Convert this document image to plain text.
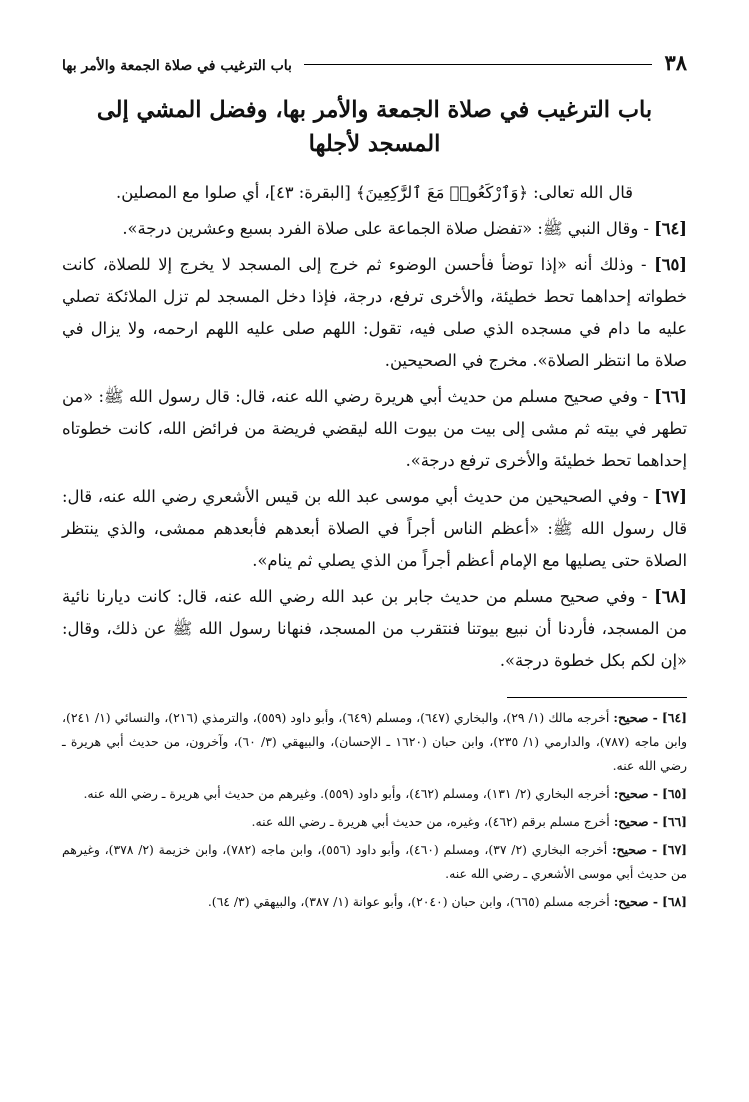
٣٨
باب الترغيب في صلاة الجمعة والأمر بها
باب الترغيب في صلاة الجمعة والأمر بها، وفضل المشي إلى المسجد لأجلها

قال الله تعالى: ﴿وَٱرْكَعُوا۟ مَعَ ٱلرَّٰكِعِينَ﴾ [البقرة: ٤٣]، أي صلوا مع المصلين.

[٦٤] - وقال النبي ﷺ: «تفضل صلاة الجماعة على صلاة الفرد بسبع وعشرين درجة».

[٦٥] - وذلك أنه «إذا توضأ فأحسن الوضوء ثم خرج إلى المسجد لا يخرج إلا للصلاة، كانت خطواته إحداهما تحط خطيئة، والأخرى ترفع، درجة، فإذا دخل المسجد لم تزل الملائكة تصلي عليه ما دام في مسجده الذي صلى فيه، تقول: اللهم صلى عليه اللهم ارحمه، ولا يزال في صلاة ما انتظر الصلاة». مخرج في الصحيحين.

[٦٦] - وفي صحيح مسلم من حديث أبي هريرة رضي الله عنه، قال: قال رسول الله ﷺ: «من تطهر في بيته ثم مشى إلى بيت من بيوت الله ليقضي فريضة من فرائض الله، كانت خطوتاه إحداهما تحط خطيئة والأخرى ترفع درجة».

[٦٧] - وفي الصحيحين من حديث أبي موسى عبد الله بن قيس الأشعري رضي الله عنه، قال: قال رسول الله ﷺ: «أعظم الناس أجراً في الصلاة أبعدهم فأبعدهم ممشى، والذي ينتظر الصلاة حتى يصليها مع الإمام أعظم أجراً من الذي يصلي ثم ينام».

[٦٨] - وفي صحيح مسلم من حديث جابر بن عبد الله رضي الله عنه، قال: كانت ديارنا نائية من المسجد، فأردنا أن نبيع بيوتنا فنتقرب من المسجد، فنهانا رسول الله ﷺ عن ذلك، وقال: «إن لكم بكل خطوة درجة».

[٦٤] - صحيح: أخرجه مالك (١/ ٢٩)، والبخاري (٦٤٧)، ومسلم (٦٤٩)، وأبو داود (٥٥٩)، والترمذي (٢١٦)، والنسائي (١/ ٢٤١)، وابن ماجه (٧٨٧)، والدارمي (١/ ٢٣٥)، وابن حبان (١٦٢٠ ـ الإحسان)، والبيهقي (٣/ ٦٠)، وآخرون، من حديث أبي هريرة ـ رضي الله عنه.

[٦٥] - صحيح: أخرجه البخاري (٢/ ١٣١)، ومسلم (٤٦٢)، وأبو داود (٥٥٩). وغيرهم من حديث أبي هريرة ـ رضي الله عنه.

[٦٦] - صحيح: أخرج مسلم برقم (٤٦٢)، وغيره، من حديث أبي هريرة ـ رضي الله عنه.

[٦٧] - صحيح: أخرجه البخاري (٢/ ٣٧)، ومسلم (٤٦٠)، وأبو داود (٥٥٦)، وابن ماجه (٧٨٢)، وابن خزيمة (٢/ ٣٧٨)، وغيرهم من حديث أبي موسى الأشعري ـ رضي الله عنه.

[٦٨] - صحيح: أخرجه مسلم (٦٦٥)، وابن حبان (٢٠٤٠)، وأبو عوانة (١/ ٣٨٧)، والبيهقي (٣/ ٦٤).
